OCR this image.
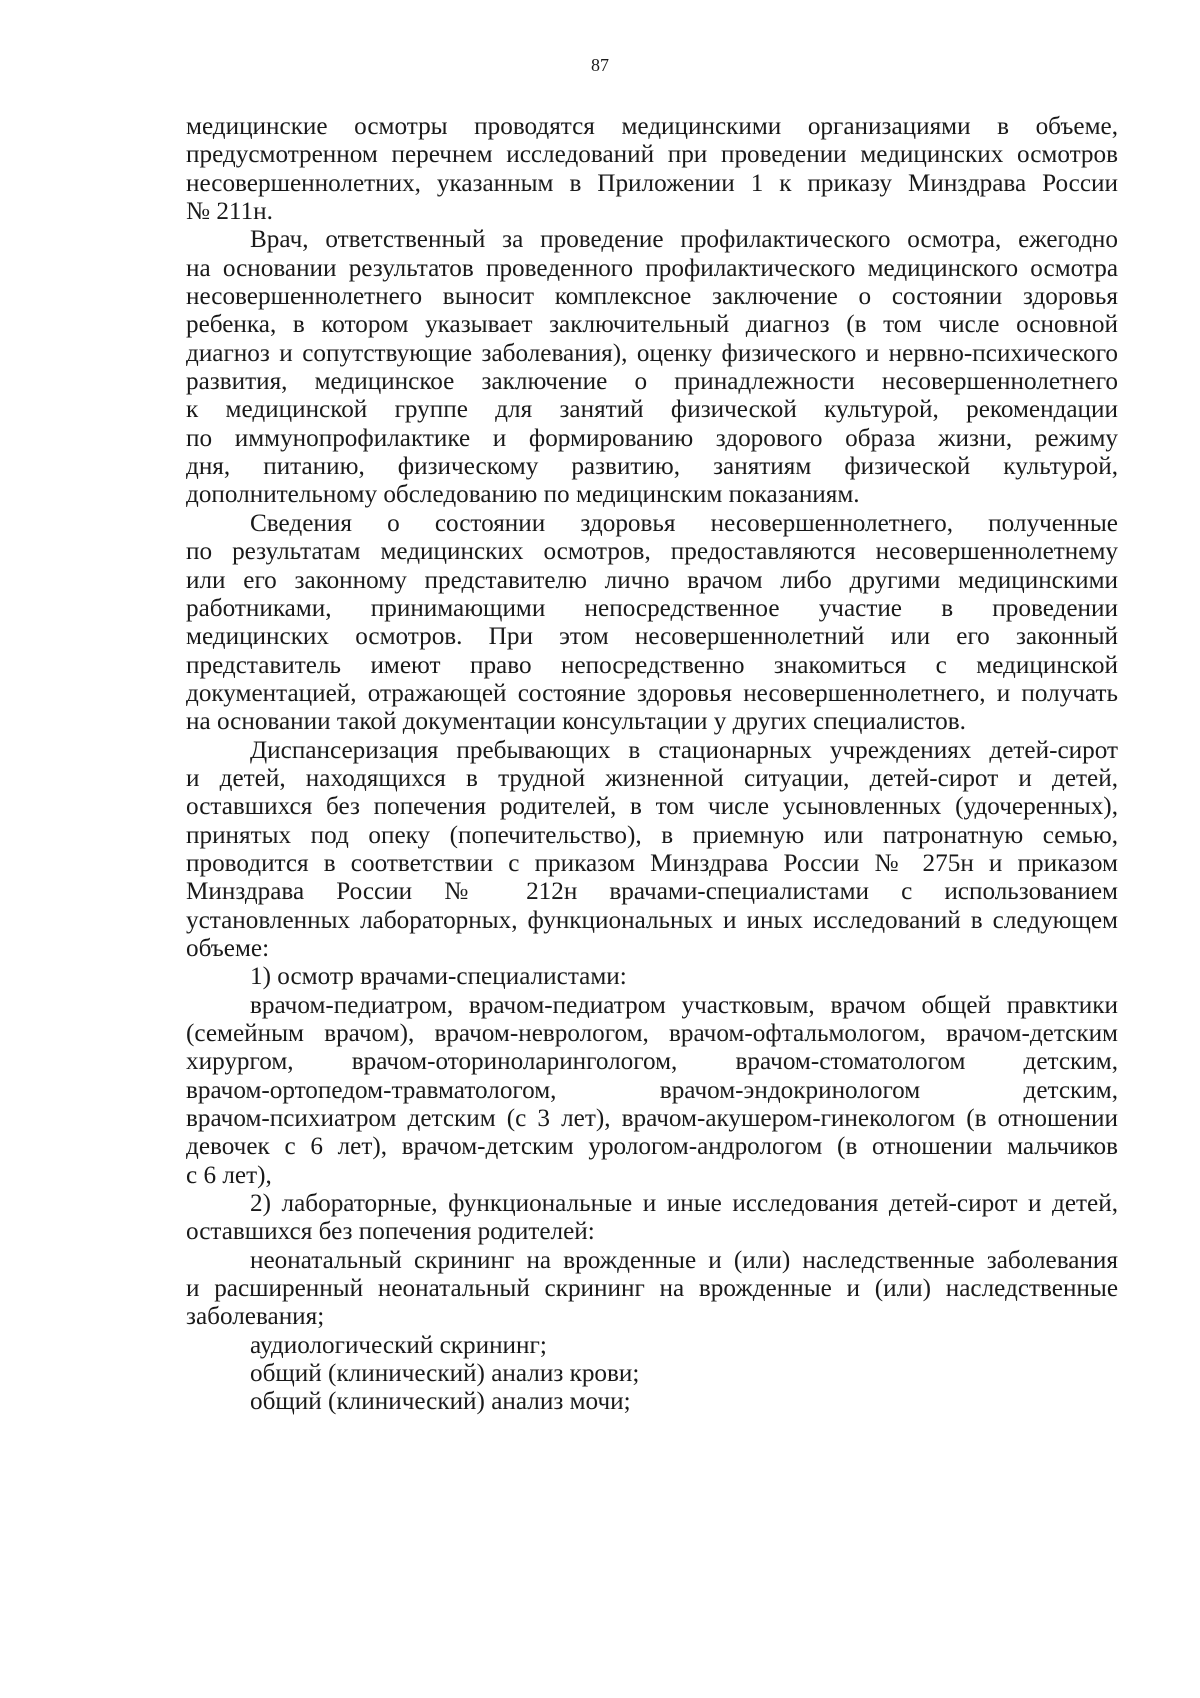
87
медицинские осмотры проводятся медицинскими организациями в объеме,
предусмотренном перечнем исследований при проведении медицинских осмотров
несовершеннолетних, указанным в Приложении 1 к приказу Минздрава России
№ 211н.
Врач, ответственный за проведение профилактического осмотра, ежегодно
на основании результатов проведенного профилактического медицинского осмотра
несовершеннолетнего выносит комплексное заключение о состоянии здоровья
ребенка, в котором указывает заключительный диагноз (в том числе основной
диагноз и сопутствующие заболевания), оценку физического и нервно-психического
развития, медицинское заключение о принадлежности несовершеннолетнего
к медицинской группе для занятий физической культурой, рекомендации
по иммунопрофилактике и формированию здорового образа жизни, режиму
дня, питанию, физическому развитию, занятиям физической культурой,
дополнительному обследованию по медицинским показаниям.
Сведения о состоянии здоровья несовершеннолетнего, полученные
по результатам медицинских осмотров, предоставляются несовершеннолетнему
или его законному представителю лично врачом либо другими медицинскими
работниками, принимающими непосредственное участие в проведении
медицинских осмотров. При этом несовершеннолетний или его законный
представитель имеют право непосредственно знакомиться с медицинской
документацией, отражающей состояние здоровья несовершеннолетнего, и получать
на основании такой документации консультации у других специалистов.
Диспансеризация пребывающих в стационарных учреждениях детей-сирот
и детей, находящихся в трудной жизненной ситуации, детей-сирот и детей,
оставшихся без попечения родителей, в том числе усыновленных (удочеренных),
принятых под опеку (попечительство), в приемную или патронатную семью,
проводится в соответствии с приказом Минздрава России № 275н и приказом
Минздрава России № 212н врачами-специалистами с использованием
установленных лабораторных, функциональных и иных исследований в следующем
объеме:
1) осмотр врачами-специалистами:
врачом-педиатром, врачом-педиатром участковым, врачом общей правктики
(семейным врачом), врачом-неврологом, врачом-офтальмологом, врачом-детским
хирургом, врачом-оториноларингологом, врачом-стоматологом детским,
врачом-ортопедом-травматологом, врачом-эндокринологом детским,
врачом-психиатром детским (с 3 лет), врачом-акушером-гинекологом (в отношении
девочек с 6 лет), врачом-детским урологом-андрологом (в отношении мальчиков
с 6 лет),
2) лабораторные, функциональные и иные исследования детей-сирот и детей,
оставшихся без попечения родителей:
неонатальный скрининг на врожденные и (или) наследственные заболевания
и расширенный неонатальный скрининг на врожденные и (или) наследственные
заболевания;
аудиологический скрининг;
общий (клинический) анализ крови;
общий (клинический) анализ мочи;
